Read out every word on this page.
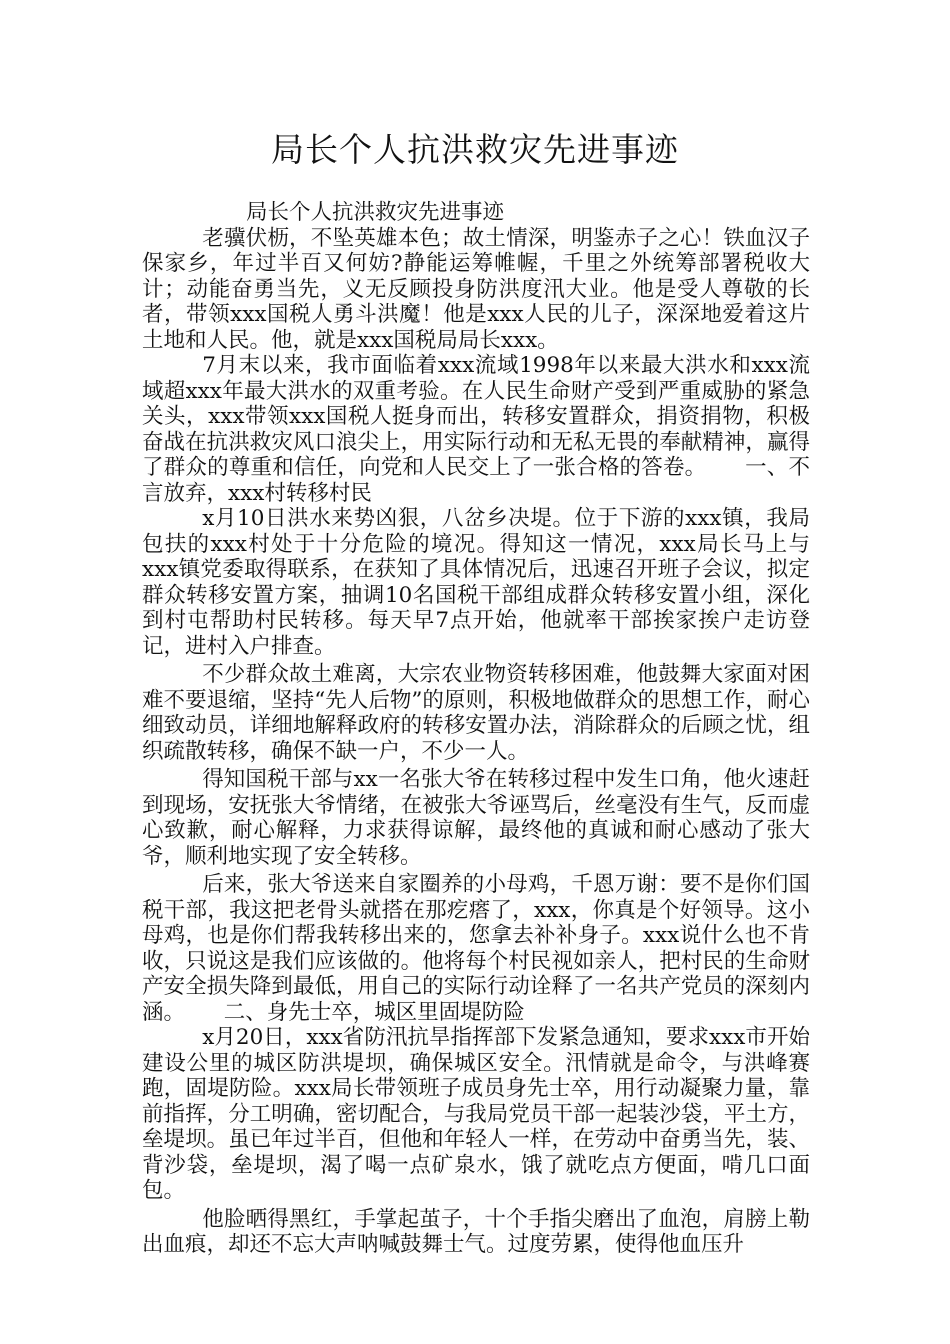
局长个人抗洪救灾先进事迹

局长个人抗洪救灾先进事迹

老骥伏枥，不坠英雄本色；故土情深，明鉴赤子之心！铁血汉子保家乡，年过半百又何妨?静能运筹帷幄，千里之外统筹部署税收大计；动能奋勇当先，义无反顾投身防洪度汛大业。他是受人尊敬的长者，带领xxx国税人勇斗洪魔！他是xxx人民的儿子，深深地爱着这片土地和人民。他，就是xxx国税局局长xxx。

7月末以来，我市面临着xxx流域1998年以来最大洪水和xxx流域超xxx年最大洪水的双重考验。在人民生命财产受到严重威胁的紧急关头，xxx带领xxx国税人挺身而出，转移安置群众，捐资捐物，积极奋战在抗洪救灾风口浪尖上，用实际行动和无私无畏的奉献精神，赢得了群众的尊重和信任，向党和人民交上了一张合格的答卷。 一、不言放弃，xxx村转移村民

x月10日洪水来势凶狠，八岔乡决堤。位于下游的xxx镇，我局包扶的xxx村处于十分危险的境况。得知这一情况，xxx局长马上与xxx镇党委取得联系，在获知了具体情况后，迅速召开班子会议，拟定群众转移安置方案，抽调10名国税干部组成群众转移安置小组，深化到村屯帮助村民转移。每天早7点开始，他就率干部挨家挨户走访登记，进村入户排查。

不少群众故土难离，大宗农业物资转移困难，他鼓舞大家面对困难不要退缩，坚持“先人后物”的原则，积极地做群众的思想工作，耐心细致动员，详细地解释政府的转移安置办法，消除群众的后顾之忧，组织疏散转移，确保不缺一户，不少一人。

得知国税干部与xx一名张大爷在转移过程中发生口角，他火速赶到现场，安抚张大爷情绪，在被张大爷诬骂后，丝毫没有生气，反而虚心致歉，耐心解释，力求获得谅解，最终他的真诚和耐心感动了张大爷，顺利地实现了安全转移。

后来，张大爷送来自家圈养的小母鸡，千恩万谢：要不是你们国税干部，我这把老骨头就搭在那疙瘩了，xxx，你真是个好领导。这小母鸡，也是你们帮我转移出来的，您拿去补补身子。xxx说什么也不肯收，只说这是我们应该做的。他将每个村民视如亲人，把村民的生命财产安全损失降到最低，用自己的实际行动诠释了一名共产党员的深刻内涵。 二、身先士卒，城区里固堤防险

x月20日，xxx省防汛抗旱指挥部下发紧急通知，要求xxx市开始建设公里的城区防洪堤坝，确保城区安全。汛情就是命令，与洪峰赛跑，固堤防险。xxx局长带领班子成员身先士卒，用行动凝聚力量，靠前指挥，分工明确，密切配合，与我局党员干部一起装沙袋，平土方，垒堤坝。虽已年过半百，但他和年轻人一样，在劳动中奋勇当先，装、背沙袋，垒堤坝，渴了喝一点矿泉水，饿了就吃点方便面，啃几口面包。

他脸晒得黑红，手掌起茧子，十个手指尖磨出了血泡，肩膀上勒出血痕，却还不忘大声呐喊鼓舞士气。过度劳累，使得他血压升
